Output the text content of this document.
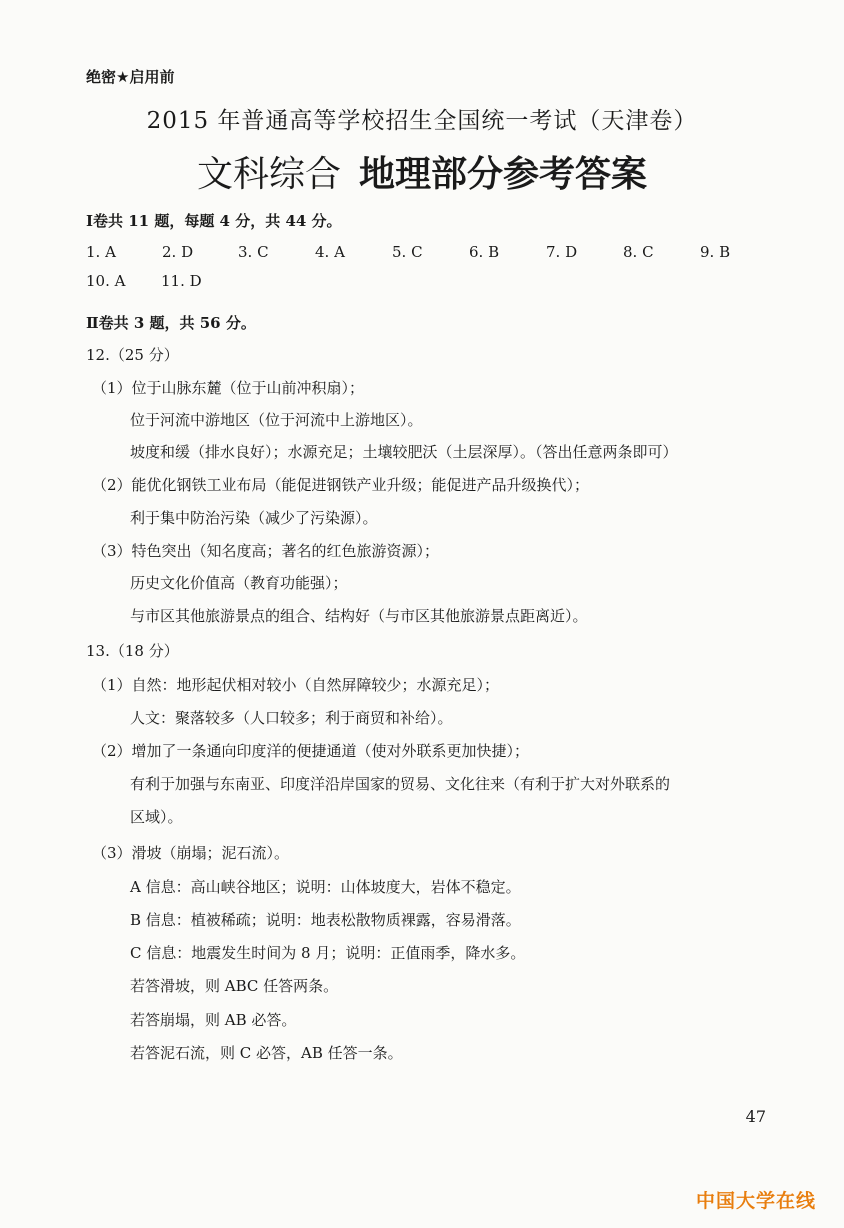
绝密★启用前
2015 年普通高等学校招生全国统一考试（天津卷）
文科综合 地理部分参考答案
Ⅰ卷共 11 题，每题 4 分，共 44 分。
1. A	2. D	3. C	4. A	5. C	6. B	7. D	8. C	9. B
10. A 11. D
Ⅱ卷共 3 题，共 56 分。
12.（25 分）
（1）位于山脉东麓（位于山前冲积扇）；
位于河流中游地区（位于河流中上游地区）。
坡度和缓（排水良好）；水源充足；土壤较肥沃（土层深厚）。（答出任意两条即可）
（2）能优化钢铁工业布局（能促进钢铁产业升级；能促进产品升级换代）；
利于集中防治污染（减少了污染源）。
（3）特色突出（知名度高；著名的红色旅游资源）；
历史文化价值高（教育功能强）；
与市区其他旅游景点的组合、结构好（与市区其他旅游景点距离近）。
13.（18 分）
（1）自然：地形起伏相对较小（自然屏障较少；水源充足）；
人文：聚落较多（人口较多；利于商贸和补给）。
（2）增加了一条通向印度洋的便捷通道（使对外联系更加快捷）；
有利于加强与东南亚、印度洋沿岸国家的贸易、文化往来（有利于扩大对外联系的
区域）。
（3）滑坡（崩塌；泥石流）。
A 信息：高山峡谷地区；说明：山体坡度大，岩体不稳定。
B 信息：植被稀疏；说明：地表松散物质裸露，容易滑落。
C 信息：地震发生时间为 8 月；说明：正值雨季，降水多。
若答滑坡，则 ABC 任答两条。
若答崩塌，则 AB 必答。
若答泥石流，则 C 必答，AB 任答一条。
47
中国大学在线
